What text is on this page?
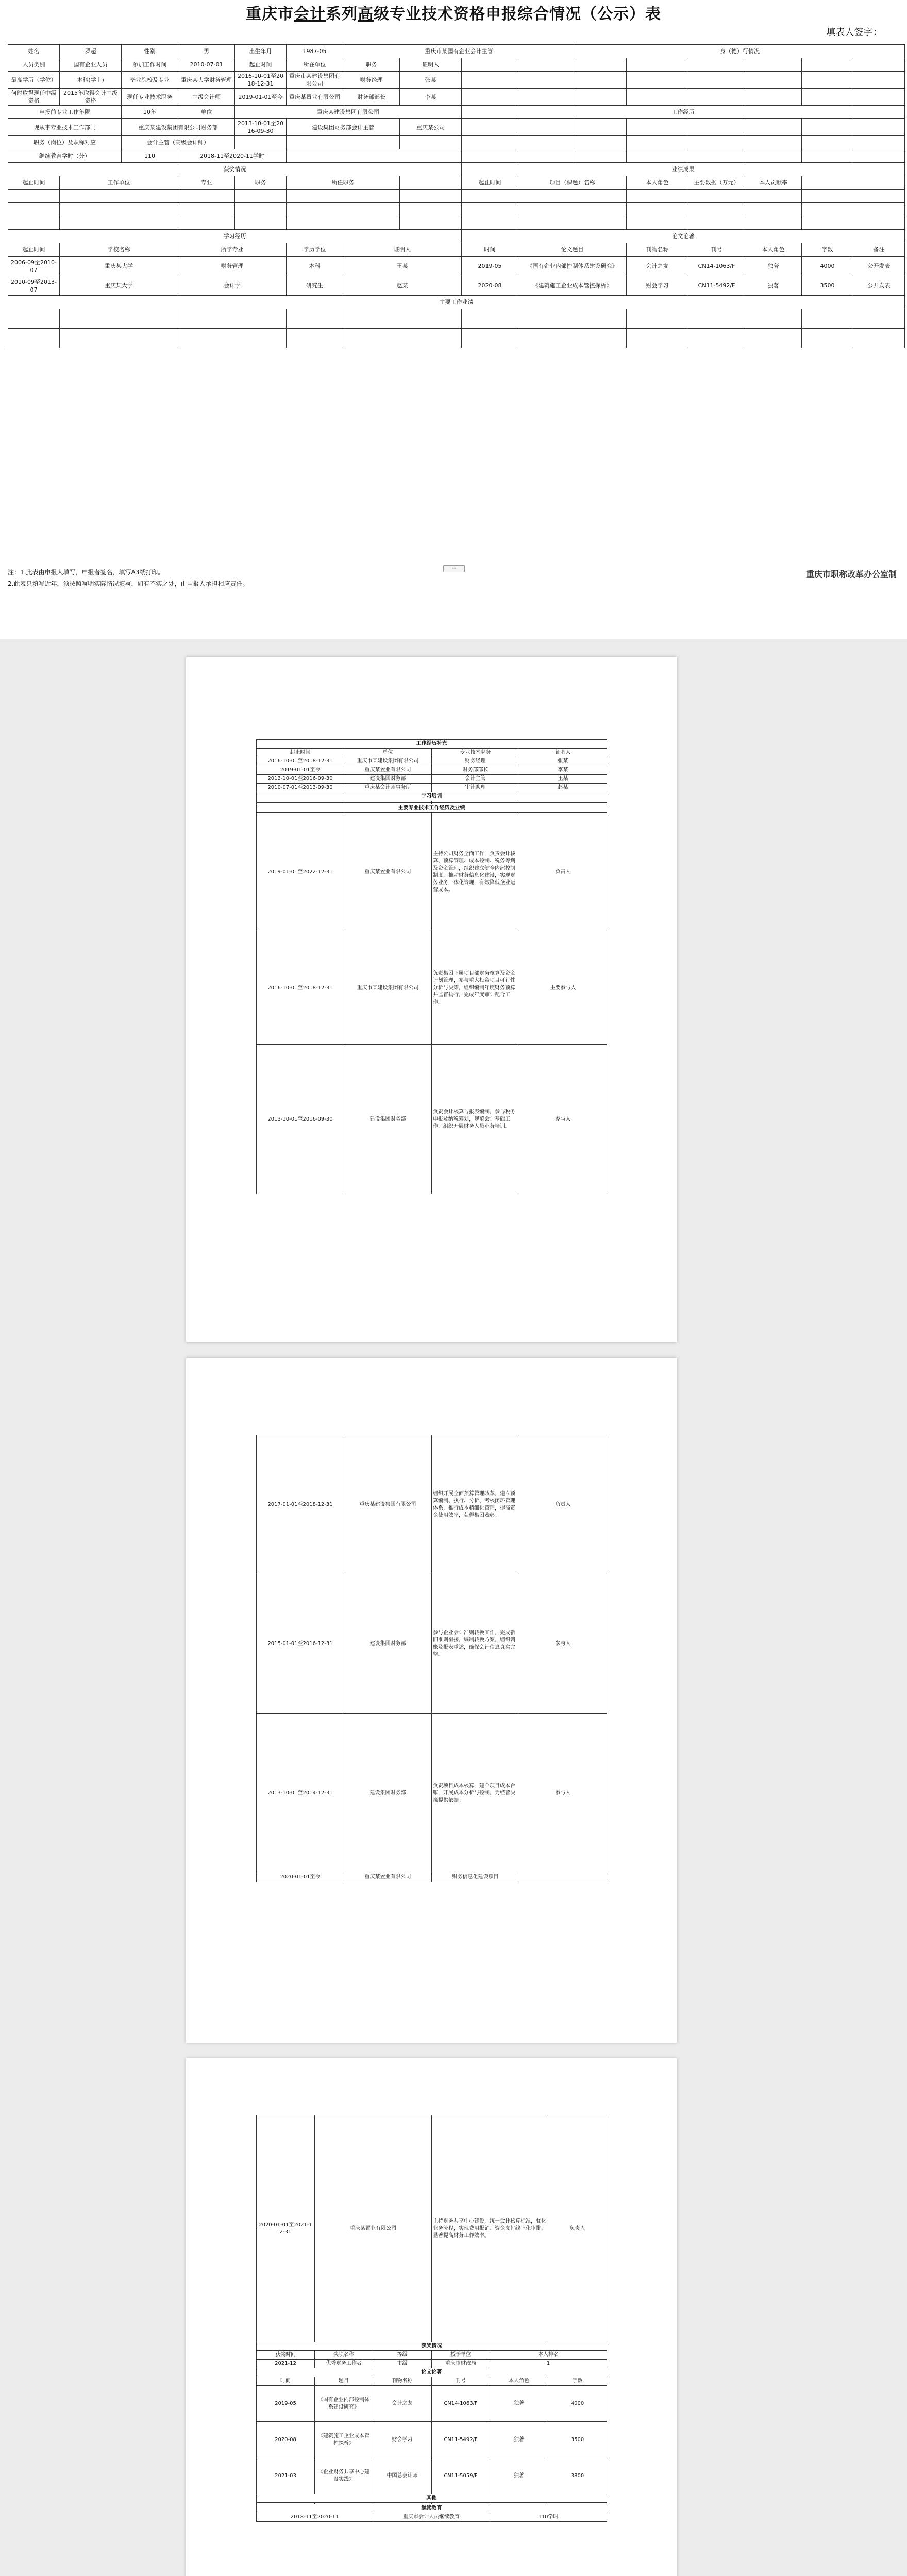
重庆市会计系列高级专业技术资格申报综合情况（公示）表
填表人签字：
姓名	罗超	性别	男	出生年月	1987-05	重庆市某国有企业会计主管				身（德）行情况					
人员类别	国有企业人员	参加工作时间	2010-07-01	起止时间	所在单位	职务	证明人								
最高学历（学位）	本科(学士)	毕业院校及专业	重庆某大学财务管理	2016-10-01至2018-12-31	重庆市某建设集团有限公司	财务经理	张某								
何时取得现任中级资格	2015年取得会计中级资格	现任专业技术职务	中级会计师	2019-01-01至今	重庆某置业有限公司	财务部部长	李某								
申报前专业工作年限		10年	单位	重庆某建设集团有限公司				工作经历							
现从事专业技术工作部门		重庆某建设集团有限公司财务部		2013-10-01至2016-09-30	建设集团财务部会计主管		重庆某公司								
职务（岗位）及职称对应		会计主管（高级会计师）													
继续教育学时（分）		110	2018-11至2020-11学时												
获奖情况								业绩成果							
起止时间	工作单位		专业	职务	所任职务			起止时间	项目（课题）名称		本人角色	主要数据（万元）	本人贡献率		

学习经历								论文论著							
起止时间	学校名称		所学专业		学历学位	证明人		时间	论文题目		刊物名称	刊号	本人角色	字数	备注
2006-09至2010-07	重庆某大学		财务管理		本科	王某		2019-05	《国有企业内部控制体系建设研究》		会计之友	CN14-1063/F	独著	4000	公开发表
2010-09至2013-07	重庆某大学		会计学		研究生	赵某		2020-08	《建筑施工企业成本管控探析》		财会学习	CN11-5492/F	独著	3500	公开发表
主要工作业绩															

注：1.此表由申报人填写，申报者签名，填写A3纸打印。
2.此表只填写近年，须按照写明实际情况填写，如有不实之处，由申报人承担相应责任。
···
重庆市职称改革办公室制
工作经历补充			
起止时间	单位	专业技术职务	证明人
2016-10-01至2018-12-31	重庆市某建设集团有限公司	财务经理	张某
2019-01-01至今	重庆某置业有限公司	财务部部长	李某
2013-10-01至2016-09-30	建设集团财务部	会计主管	王某
2010-07-01至2013-09-30	重庆某会计师事务所	审计助理	赵某
学习培训			

主要专业技术工作经历及业绩			
2019-01-01至2022-12-31	重庆某置业有限公司	主持公司财务全面工作，负责会计核算、预算管理、成本控制、税务筹划及资金管理，组织建立健全内部控制制度，推动财务信息化建设，实现财务业务一体化管理，有效降低企业运营成本。	负责人
2016-10-01至2018-12-31	重庆市某建设集团有限公司	负责集团下属项目部财务核算及资金计划管理，参与重大投资项目可行性分析与决策，组织编制年度财务预算并监督执行，完成年度审计配合工作。	主要参与人
2013-10-01至2016-09-30	建设集团财务部	负责会计核算与报表编制，参与税务申报及纳税筹划，规范会计基础工作，组织开展财务人员业务培训。	参与人
2017-01-01至2018-12-31	重庆某建设集团有限公司	组织开展全面预算管理改革，建立预算编制、执行、分析、考核闭环管理体系，推行成本精细化管理，提高资金使用效率，获得集团表彰。	负责人
2015-01-01至2016-12-31	建设集团财务部	参与企业会计准则转换工作，完成新旧准则衔接，编制转换方案，组织调账及报表重述，确保会计信息真实完整。	参与人
2013-10-01至2014-12-31	建设集团财务部	负责项目成本核算，建立项目成本台账，开展成本分析与控制，为经营决策提供依据。	参与人
2020-01-01至今	重庆某置业有限公司	财务信息化建设项目	
2020-01-01至2021-12-31	重庆某置业有限公司		主持财务共享中心建设，统一会计核算标准，优化业务流程，实现费用报销、资金支付线上化审批，显著提高财务工作效率。		负责人
获奖情况					
获奖时间	奖项名称	等级	授予单位	本人排名	
2021-12	优秀财务工作者	市级	重庆市财政局	1	
论文论著					
时间	题目	刊物名称	刊号	本人角色	字数
2019-05	《国有企业内部控制体系建设研究》	会计之友	CN14-1063/F	独著	4000
2020-08	《建筑施工企业成本管控探析》	财会学习	CN11-5492/F	独著	3500
2021-03	《企业财务共享中心建设实践》	中国总会计师	CN11-5059/F	独著	3800
其他					

继续教育					
2018-11至2020-11		重庆市会计人员继续教育		110学时	
